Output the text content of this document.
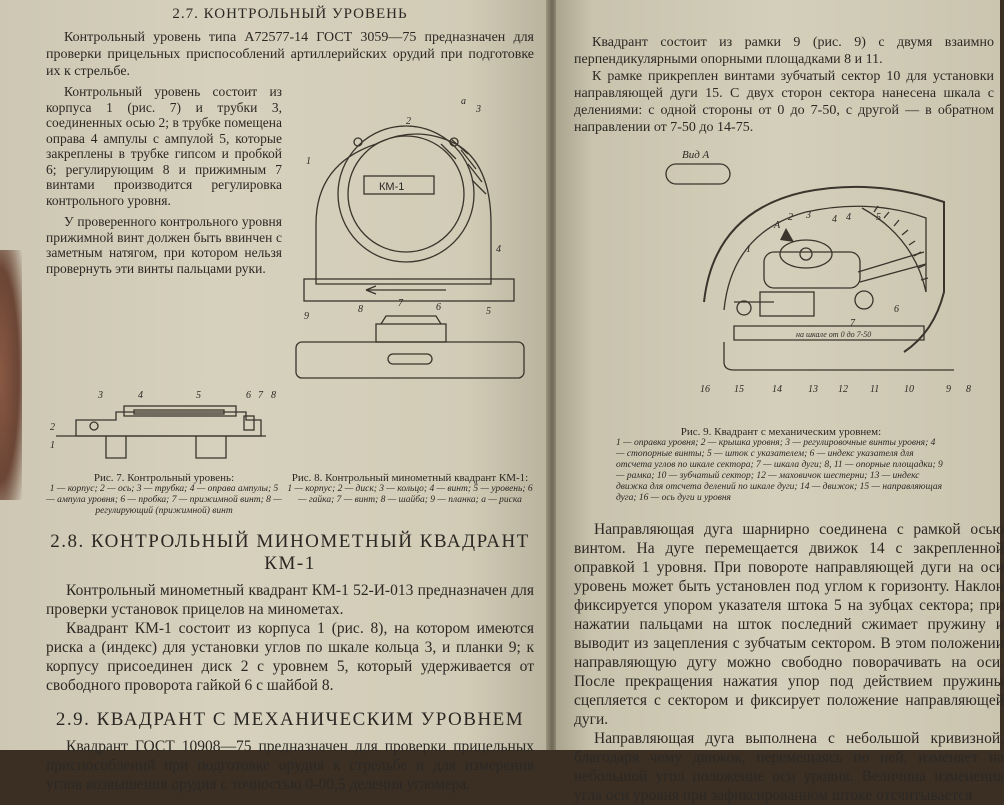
2.7. КОНТРОЛЬНЫЙ УРОВЕНЬ

Контрольный уровень типа А72577-14 ГОСТ 3059—75 предназначен для проверки прицельных приспособлений артиллерийских орудий при подготовке их к стрельбе.

Контрольный уровень состоит из корпуса 1 (рис. 7) и трубки 3, соединенных осью 2; в трубке помещена оправа 4 ампулы с ампулой 5, которые закреплены в трубке гипсом и пробкой 6; регулирующим 8 и прижимным 7 винтами производится регулировка контрольного уровня.

У проверенного контрольного уровня прижимной винт должен быть ввинчен с заметным натягом, при котором нельзя провернуть эти винты пальцами руки.

КМ-1
а
3
2
1
4
9
8
7	6	5
3	4	5	6 7 8
2
1

Рис. 7. Контрольный уровень:

1 — корпус; 2 — ось; 3 — трубка; 4 — оправа ампулы; 5 — ампула уровня; 6 — пробка; 7 — прижимной винт; 8 — регулирующий (прижимной) винт

Рис. 8. Контрольный минометный квадрант КМ-1:

1 — корпус; 2 — диск; 3 — кольцо; 4 — винт; 5 — уровень; 6 — гайка; 7 — винт; 8 — шайба; 9 — планка; а — риска

2.8. КОНТРОЛЬНЫЙ МИНОМЕТНЫЙ КВАДРАНТ КМ-1

Контрольный минометный квадрант КМ-1 52-И-013 предназначен для проверки установок прицелов на минометах.

Квадрант КМ-1 состоит из корпуса 1 (рис. 8), на котором имеются риска а (индекс) для установки углов по шкале кольца 3, и планки 9; к корпусу присоединен диск 2 с уровнем 5, который удерживается от свободного проворота гайкой 6 с шайбой 8.

2.9. КВАДРАНТ С МЕХАНИЧЕСКИМ УРОВНЕМ

Квадрант ГОСТ 10908—75 предназначен для проверки прицельных приспособлений при подготовке орудия к стрельбе и для измерения углов возвышения орудия с точностью 0-00,5 деления угломера.

Квадрант состоит из рамки 9 (рис. 9) с двумя взаимно перпендикулярными опорными площадками 8 и 11.

К рамке прикреплен винтами зубчатый сектор 10 для установки направляющей дуги 15. С двух сторон сектора нанесена шкала с делениями: с одной стороны от 0 до 7-50, с другой — в обратном направлении от 7-50 до 14-75.

Вид А
А
на шкале от 0 до 7-50
1
2 3 4 4	5
6
7
8
9
10
11
12
13
14
15
16

Рис. 9. Квадрант с механическим уровнем:

1 — оправка уровня; 2 — крышка уровня; 3 — регулировочные винты уровня; 4 — стопорные винты; 5 — шток с указателем; 6 — индекс указателя для отсчета углов по шкале сектора; 7 — шкала дуги; 8, 11 — опорные площадки; 9 — рамка; 10 — зубчатый сектор; 12 — маховичок шестерни; 13 — индекс движка для отсчета делений по шкале дуги; 14 — движок; 15 — направляющая дуга; 16 — ось дуги и уровня

Направляющая дуга шарнирно соединена с рамкой осью винтом. На дуге перемещается движок 14 с закрепленной оправкой 1 уровня. При повороте направляющей дуги на оси уровень может быть установлен под углом к горизонту. Наклон фиксируется упором указателя штока 5 на зубцах сектора; при нажатии пальцами на шток последний сжимает пружину и выводит из зацепления с зубчатым сектором. В этом положении направляющую дугу можно свободно поворачивать на оси. После прекращения нажатия упор под действием пружины сцепляется с сектором и фиксирует положение направляющей дуги.

Направляющая дуга выполнена с небольшой кривизной, благодаря чему движок, перемещаясь по ней, изменяет на небольшой угол положение оси уровня. Величина изменения угла оси уровня при зафиксированном штоке отсчитывается
